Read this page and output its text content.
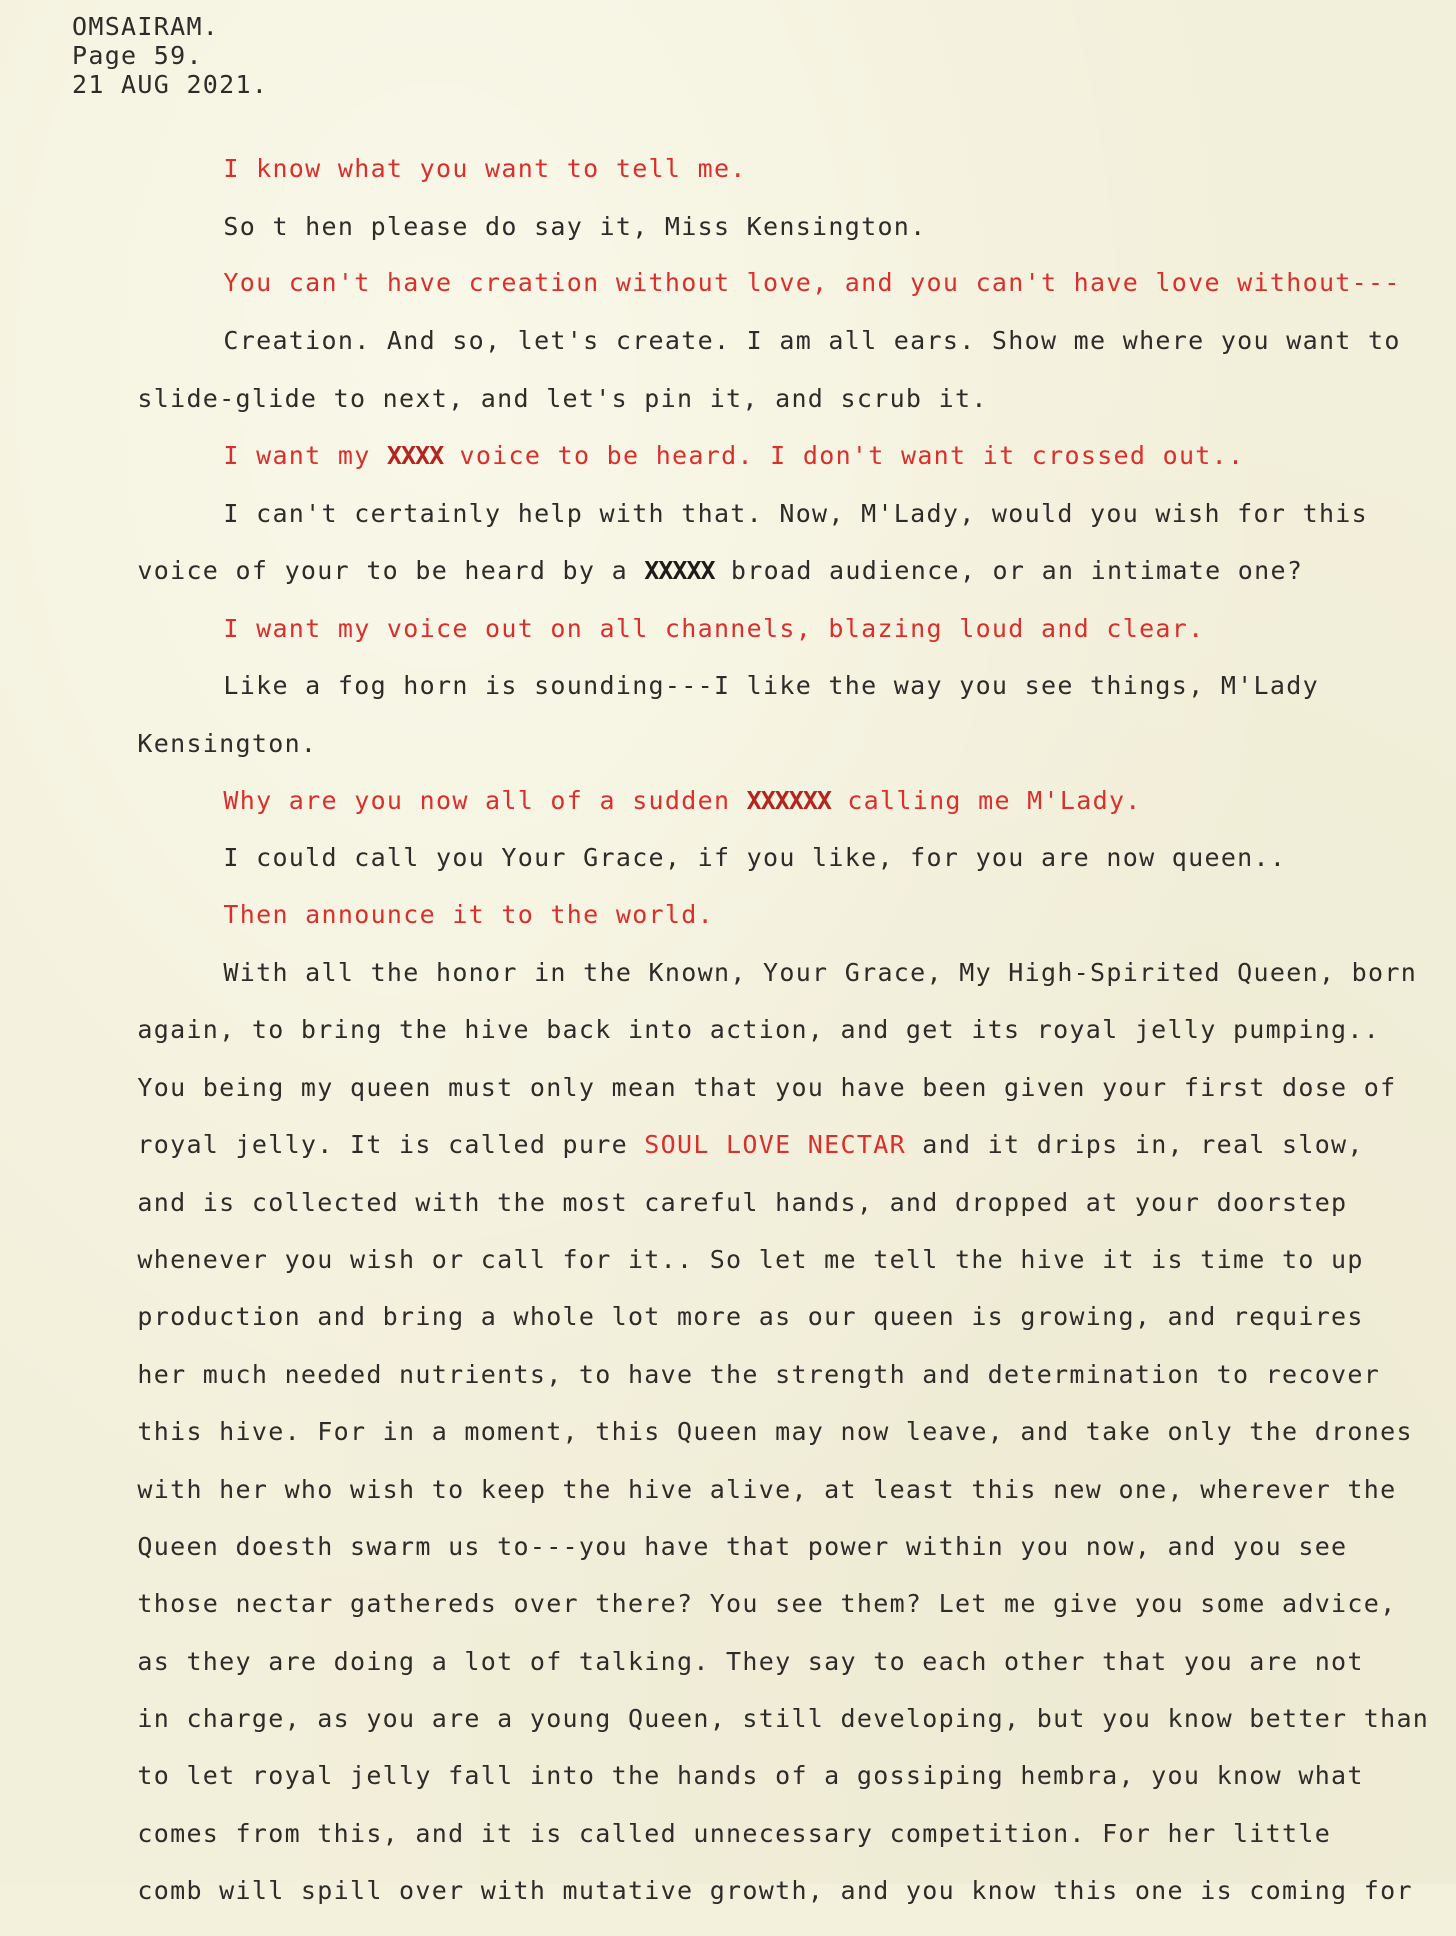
OMSAIRAM.
Page 59.
21 AUG 2021.

I know what you want to tell me.

So t hen please do say it, Miss Kensington.

You can't have creation without love, and you can't have love without---

Creation. And so, let's create. I am all ears. Show me where you want to

slide-glide to next, and let's pin it, and scrub it.

I want my XXXX voice to be heard. I don't want it crossed out..

I can't certainly help with that. Now, M'Lady, would you wish for this

voice of your to be heard by a XXXXX broad audience, or an intimate one?

I want my voice out on all channels, blazing loud and clear.

Like a fog horn is sounding---I like the way you see things, M'Lady

Kensington.

Why are you now all of a sudden XXXXXX calling me M'Lady.

I could call you Your Grace, if you like, for you are now queen..

Then announce it to the world.

With all the honor in the Known, Your Grace, My High-Spirited Queen, born

again, to bring the hive back into action, and get its royal jelly pumping..

You being my queen must only mean that you have been given your first dose of

royal jelly. It is called pure SOUL LOVE NECTAR and it drips in, real slow,

and is collected with the most careful hands, and dropped at your doorstep

whenever you wish or call for it.. So let me tell the hive it is time to up

production and bring a whole lot more as our queen is growing, and requires

her much needed nutrients, to have the strength and determination to recover

this hive. For in a moment, this Queen may now leave, and take only the drones

with her who wish to keep the hive alive, at least this new one, wherever the

Queen doesth swarm us to---you have that power within you now, and you see

those nectar gathereds over there? You see them? Let me give you some advice,

as they are doing a lot of talking. They say to each other that you are not

in charge, as you are a young Queen, still developing, but you know better than

to let royal jelly fall into the hands of a gossiping hembra, you know what

comes from this, and it is called unnecessary competition. For her little

comb will spill over with mutative growth, and you know this one is coming for
